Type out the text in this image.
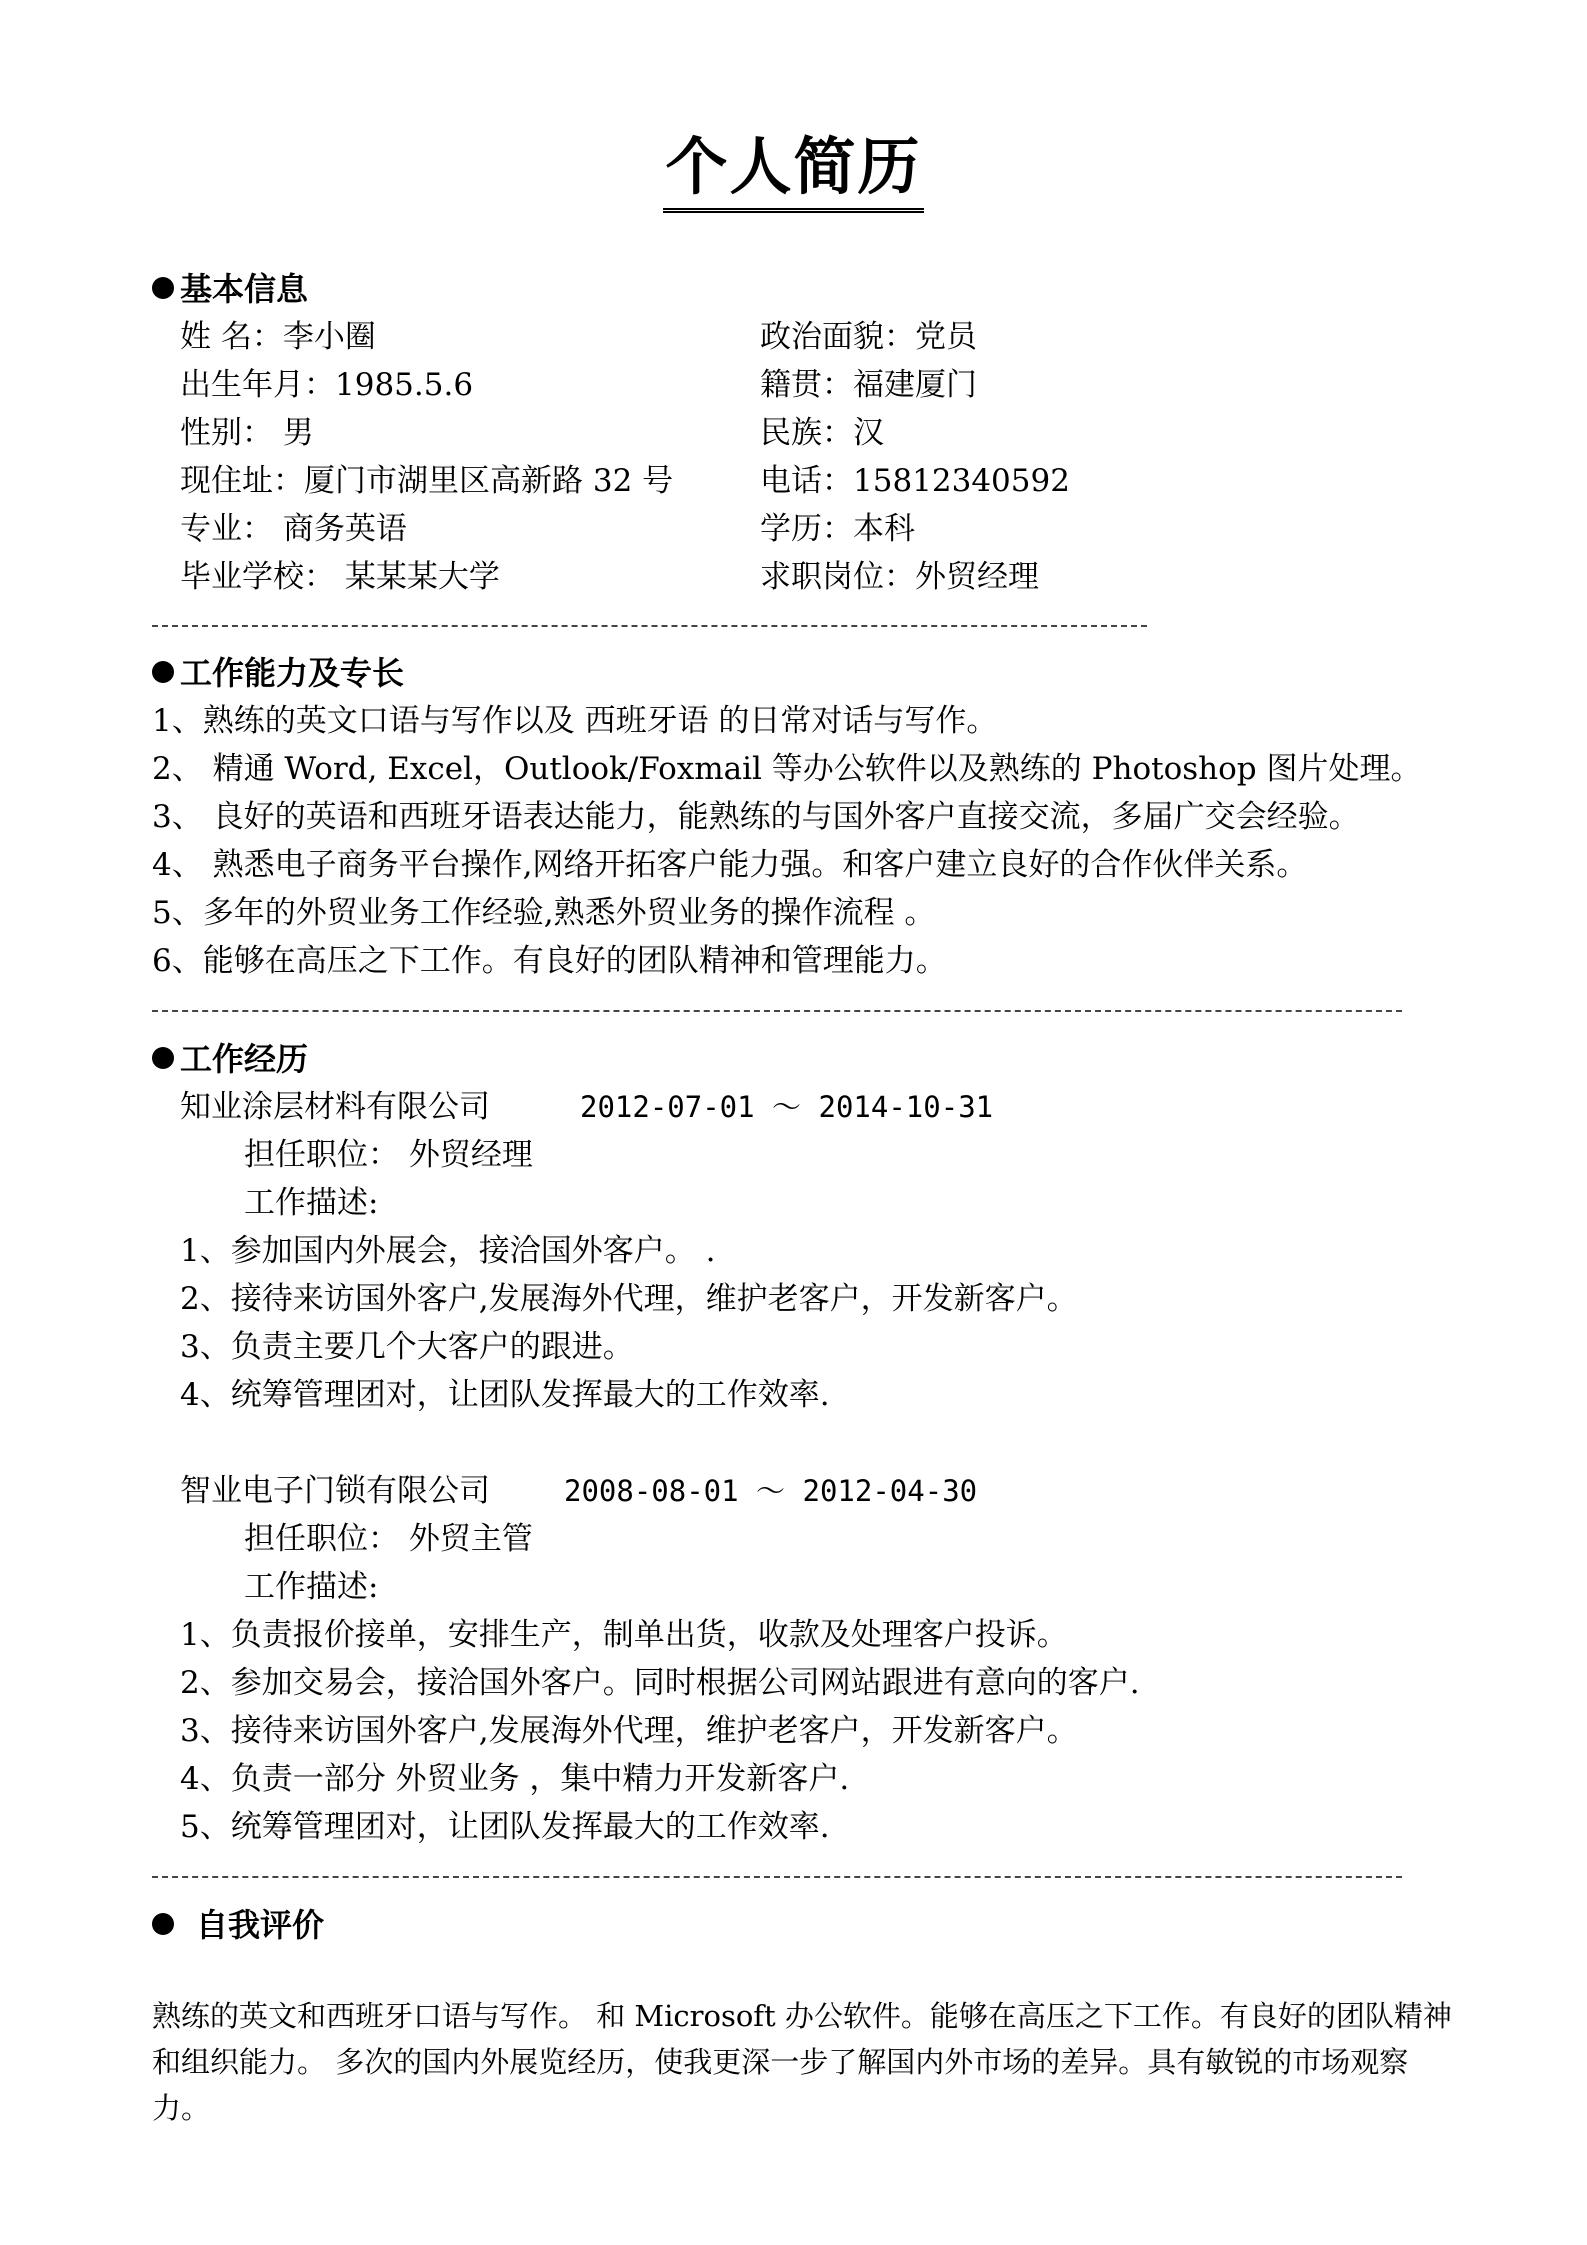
个人简历
基本信息
姓 名：李小圈	政治面貌：党员
出生年月：1985.5.6	籍贯：福建厦门
性别： 男	民族：汉
现住址：厦门市湖里区高新路 32 号	电话：15812340592
专业： 商务英语	学历：本科
毕业学校： 某某某大学	求职岗位：外贸经理
工作能力及专长
1、熟练的英文口语与写作以及 西班牙语 的日常对话与写作。
2、 精通 Word, Excel，Outlook/Foxmail 等办公软件以及熟练的 Photoshop 图片处理。
3、 良好的英语和西班牙语表达能力，能熟练的与国外客户直接交流，多届广交会经验。
4、 熟悉电子商务平台操作,网络开拓客户能力强。和客户建立良好的合作伙伴关系。
5、多年的外贸业务工作经验,熟悉外贸业务的操作流程 。
6、能够在高压之下工作。有良好的团队精神和管理能力。
工作经历
知业涂层材料有限公司	2012-07-01 ～ 2014-10-31
担任职位： 外贸经理
工作描述:
1、参加国内外展会，接洽国外客户。 .
2、接待来访国外客户,发展海外代理，维护老客户，开发新客户。
3、负责主要几个大客户的跟进。
4、统筹管理团对，让团队发挥最大的工作效率.
智业电子门锁有限公司	2008-08-01 ～ 2012-04-30
担任职位： 外贸主管
工作描述:
1、负责报价接单，安排生产，制单出货，收款及处理客户投诉。
2、参加交易会，接洽国外客户。同时根据公司网站跟进有意向的客户.
3、接待来访国外客户,发展海外代理，维护老客户，开发新客户。
4、负责一部分 外贸业务 ，集中精力开发新客户.
5、统筹管理团对，让团队发挥最大的工作效率.
自我评价
熟练的英文和西班牙口语与写作。 和 Microsoft 办公软件。能够在高压之下工作。有良好的团队精神和组织能力。 多次的国内外展览经历，使我更深一步了解国内外市场的差异。具有敏锐的市场观察力。
